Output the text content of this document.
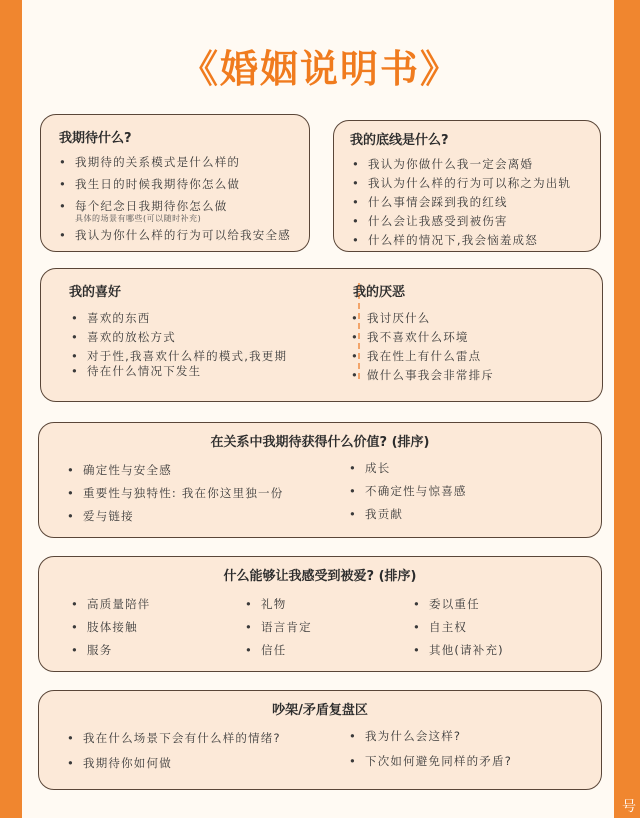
《婚姻说明书》
我期待什么?
• 我期待的关系模式是什么样的
• 我生日的时候我期待你怎么做
• 每个纪念日我期待你怎么做
具体的场景有哪些(可以随时补充)
• 我认为你什么样的行为可以给我安全感
我的底线是什么?
• 我认为你做什么我一定会离婚
• 我认为什么样的行为可以称之为出轨
• 什么事情会踩到我的红线
• 什么会让我感受到被伤害
• 什么样的情况下,我会恼羞成怒
我的喜好
• 喜欢的东西
• 喜欢的放松方式
• 对于性,我喜欢什么样的模式,我更期
• 待在什么情况下发生
我的厌恶
• 我讨厌什么
• 我不喜欢什么环境
• 我在性上有什么雷点
• 做什么事我会非常排斥
在关系中我期待获得什么价值? (排序)
• 确定性与安全感
• 重要性与独特性: 我在你这里独一份
• 爱与链接
• 成长
• 不确定性与惊喜感
• 我贡献
什么能够让我感受到被爱? (排序)
• 高质量陪伴
• 肢体接触
• 服务
• 礼物
• 语言肯定
• 信任
• 委以重任
• 自主权
• 其他(请补充)
吵架/矛盾复盘区
• 我在什么场景下会有什么样的情绪?
• 我期待你如何做
• 我为什么会这样?
• 下次如何避免同样的矛盾?
号
